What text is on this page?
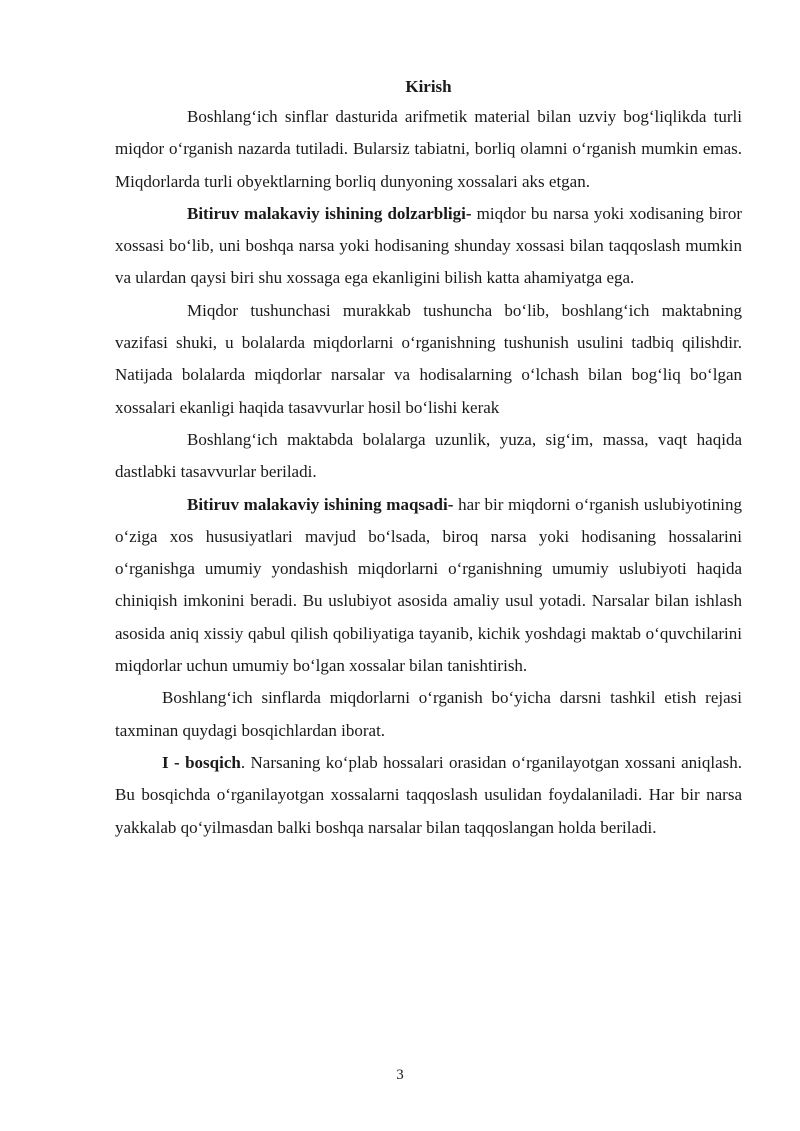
Kirish

Boshlang‘ich sinflar dasturida arifmetik material bilan uzviy bog‘liqlikda turli miqdor o‘rganish nazarda tutiladi. Bularsiz tabiatni, borliq olamni o‘rganish mumkin emas. Miqdorlarda turli obyektlarning borliq dunyoning xossalari aks etgan.

Bitiruv malakaviy ishining dolzarbligi- miqdor bu narsa yoki xodisaning biror xossasi bo‘lib, uni boshqa narsa yoki hodisaning shunday xossasi bilan taqqoslash mumkin va ulardan qaysi biri shu xossaga ega ekanligini bilish katta ahamiyatga ega.

Miqdor tushunchasi murakkab tushuncha bo‘lib, boshlang‘ich maktabning vazifasi shuki, u bolalarda miqdorlarni o‘rganishning tushunish usulini tadbiq qilishdir. Natijada bolalarda miqdorlar narsalar va hodisalarning o‘lchash bilan bog‘liq bo‘lgan xossalari ekanligi haqida tasavvurlar hosil bo‘lishi kerak

Boshlang‘ich maktabda bolalarga uzunlik, yuza, sig‘im, massa, vaqt haqida dastlabki tasavvurlar beriladi.

Bitiruv malakaviy ishining maqsadi- har bir miqdorni o‘rganish uslubiyotining o‘ziga xos hususiyatlari mavjud bo‘lsada, biroq narsa yoki hodisaning hossalarini o‘rganishga umumiy yondashish miqdorlarni o‘rganishning umumiy uslubiyoti haqida chiniqish imkonini beradi. Bu uslubiyot asosida amaliy usul yotadi. Narsalar bilan ishlash asosida aniq xissiy qabul qilish qobiliyatiga tayanib, kichik yoshdagi maktab o‘quvchilarini miqdorlar uchun umumiy bo‘lgan xossalar bilan tanishtirish.

Boshlang‘ich sinflarda miqdorlarni o‘rganish bo‘yicha darsni tashkil etish rejasi taxminan quydagi bosqichlardan iborat.

I - bosqich. Narsaning ko‘plab hossalari orasidan o‘rganilayotgan xossani aniqlash. Bu bosqichda o‘rganilayotgan xossalarni taqqoslash usulidan foydalaniladi. Har bir narsa yakkalab qo‘yilmasdan balki boshqa narsalar bilan taqqoslangan holda beriladi.

3
